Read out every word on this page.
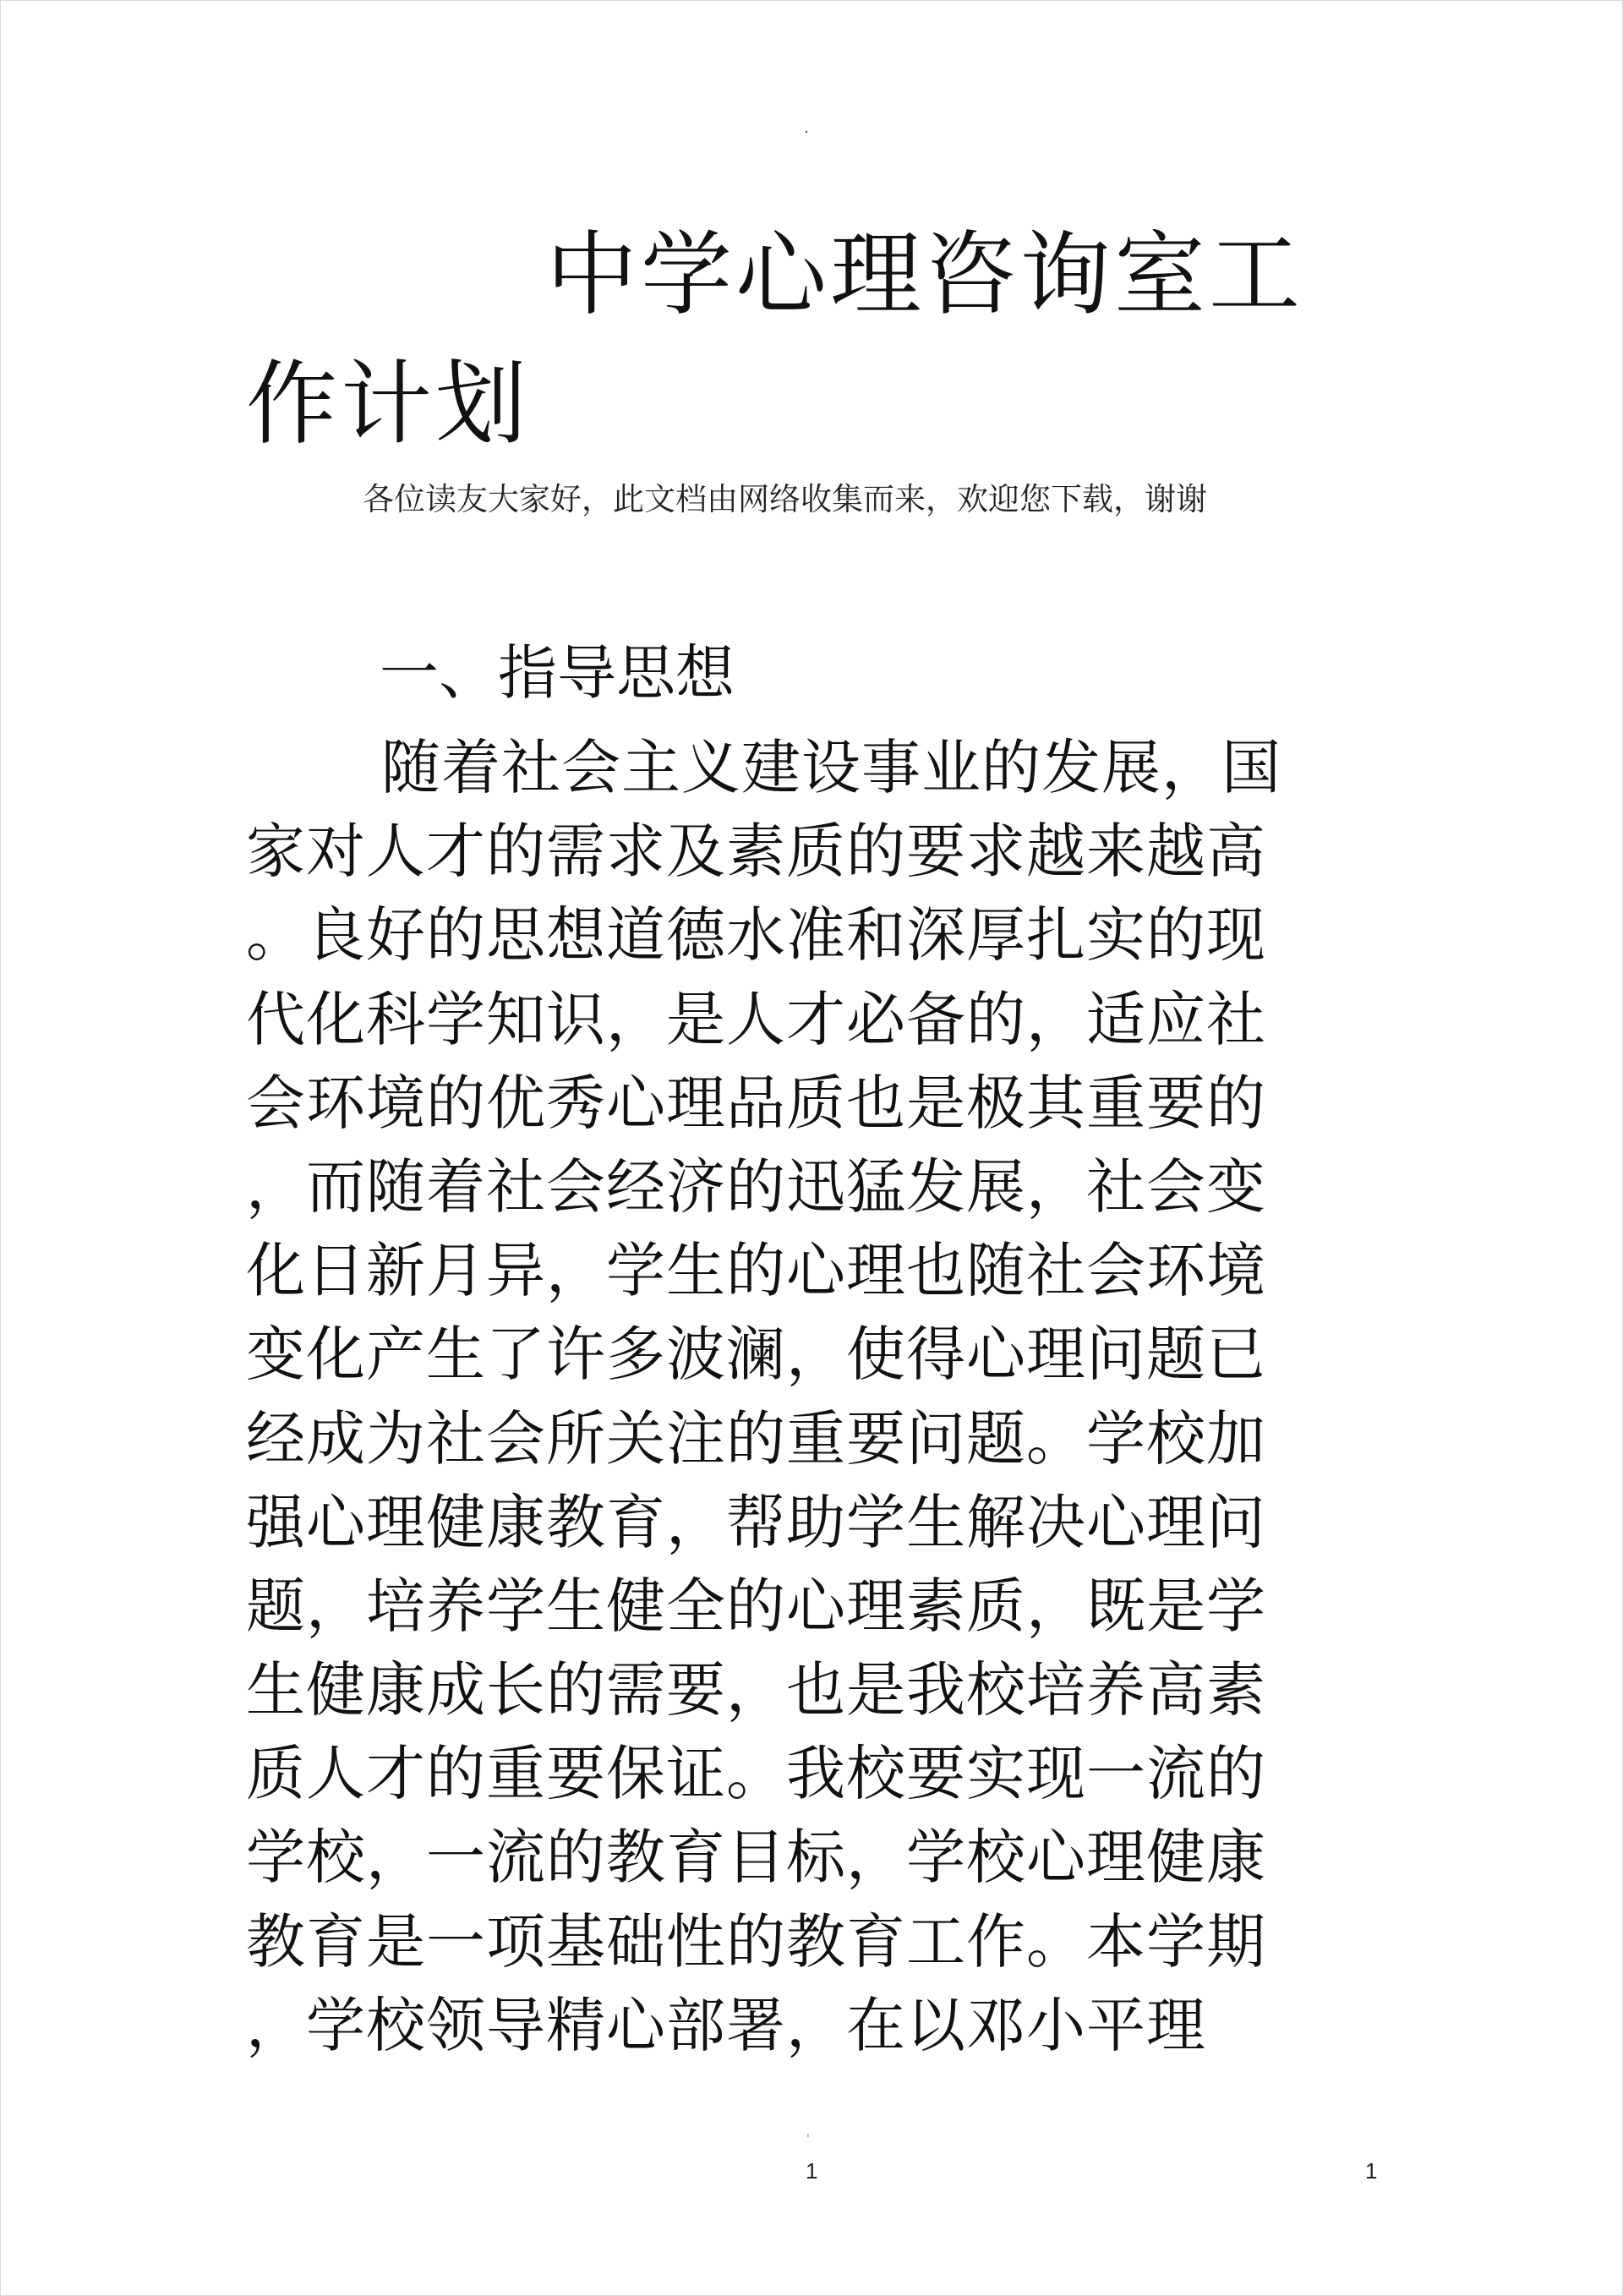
.
中学心理咨询室工
作计划
各位读友大家好，此文档由网络收集而来，欢迎您下载，谢谢
一、指导思想
随着社会主义建设事业的发展，国
家对人才的需求及素质的要求越来越高
。良好的思想道德水准和深厚扎实的现
代化科学知识，是人才必备的，适应社
会环境的优秀心理品质也是极其重要的
，而随着社会经济的迅猛发展，社会变
化日新月异，学生的心理也随社会环境
变化产生了许多波澜，使得心理问题已
经成为社会所关注的重要问题。学校加
强心理健康教育，帮助学生解决心理问
题，培养学生健全的心理素质，既是学
生健康成长的需要，也是我校培养高素
质人才的重要保证。我校要实现一流的
学校，一流的教育目标，学校心理健康
教育是一项基础性的教育工作。本学期
，学校领导精心部署，在以邓小平理
'
1	1
